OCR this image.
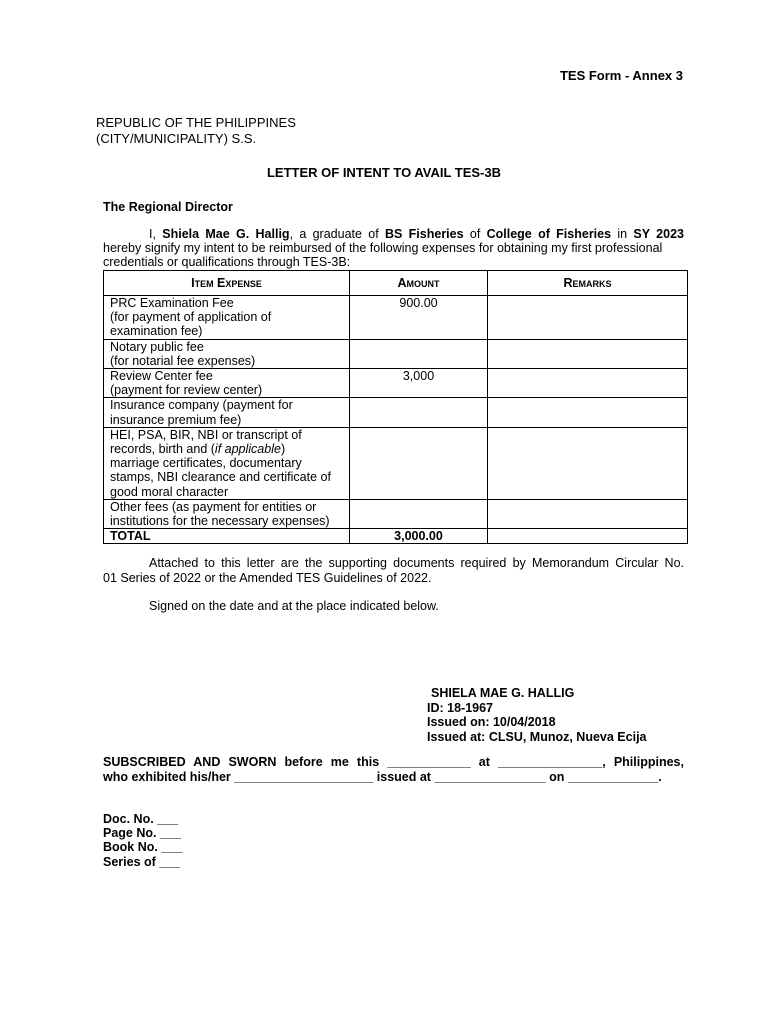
TES Form - Annex 3
REPUBLIC OF THE PHILIPPINES
(CITY/MUNICIPALITY) S.S.
LETTER OF INTENT TO AVAIL TES-3B
The Regional Director
I, Shiela Mae G. Hallig, a graduate of BS Fisheries of College of Fisheries in SY 2023
hereby signify my intent to be reimbursed of the following expenses for obtaining my first professional credentials or qualifications through TES-3B:
Item Expense	Amount	Remarks

PRC Examination Fee
(for payment of application of
examination fee)	900.00	

Notary public fee
(for notarial fee expenses)		

Review Center fee
(payment for review center)	3,000	

Insurance company (payment for
insurance premium fee)		

HEI, PSA, BIR, NBI or transcript of
records, birth and (if applicable)
marriage certificates, documentary
stamps, NBI clearance and certificate of
good moral character		

Other fees (as payment for entities or
institutions for the necessary expenses)		

TOTAL	3,000.00	
Attached to this letter are the supporting documents required by Memorandum Circular No.
01 Series of 2022 or the Amended TES Guidelines of 2022.
Signed on the date and at the place indicated below.
SHIELA MAE G. HALLIG
ID: 18-1967
Issued on: 10/04/2018
Issued at: CLSU, Munoz, Nueva Ecija
SUBSCRIBED AND SWORN before me this ____________ at _______________, Philippines,
who exhibited his/her ____________________ issued at ________________ on _____________.
Doc. No. ___
Page No. ___
Book No. ___
Series of ___
